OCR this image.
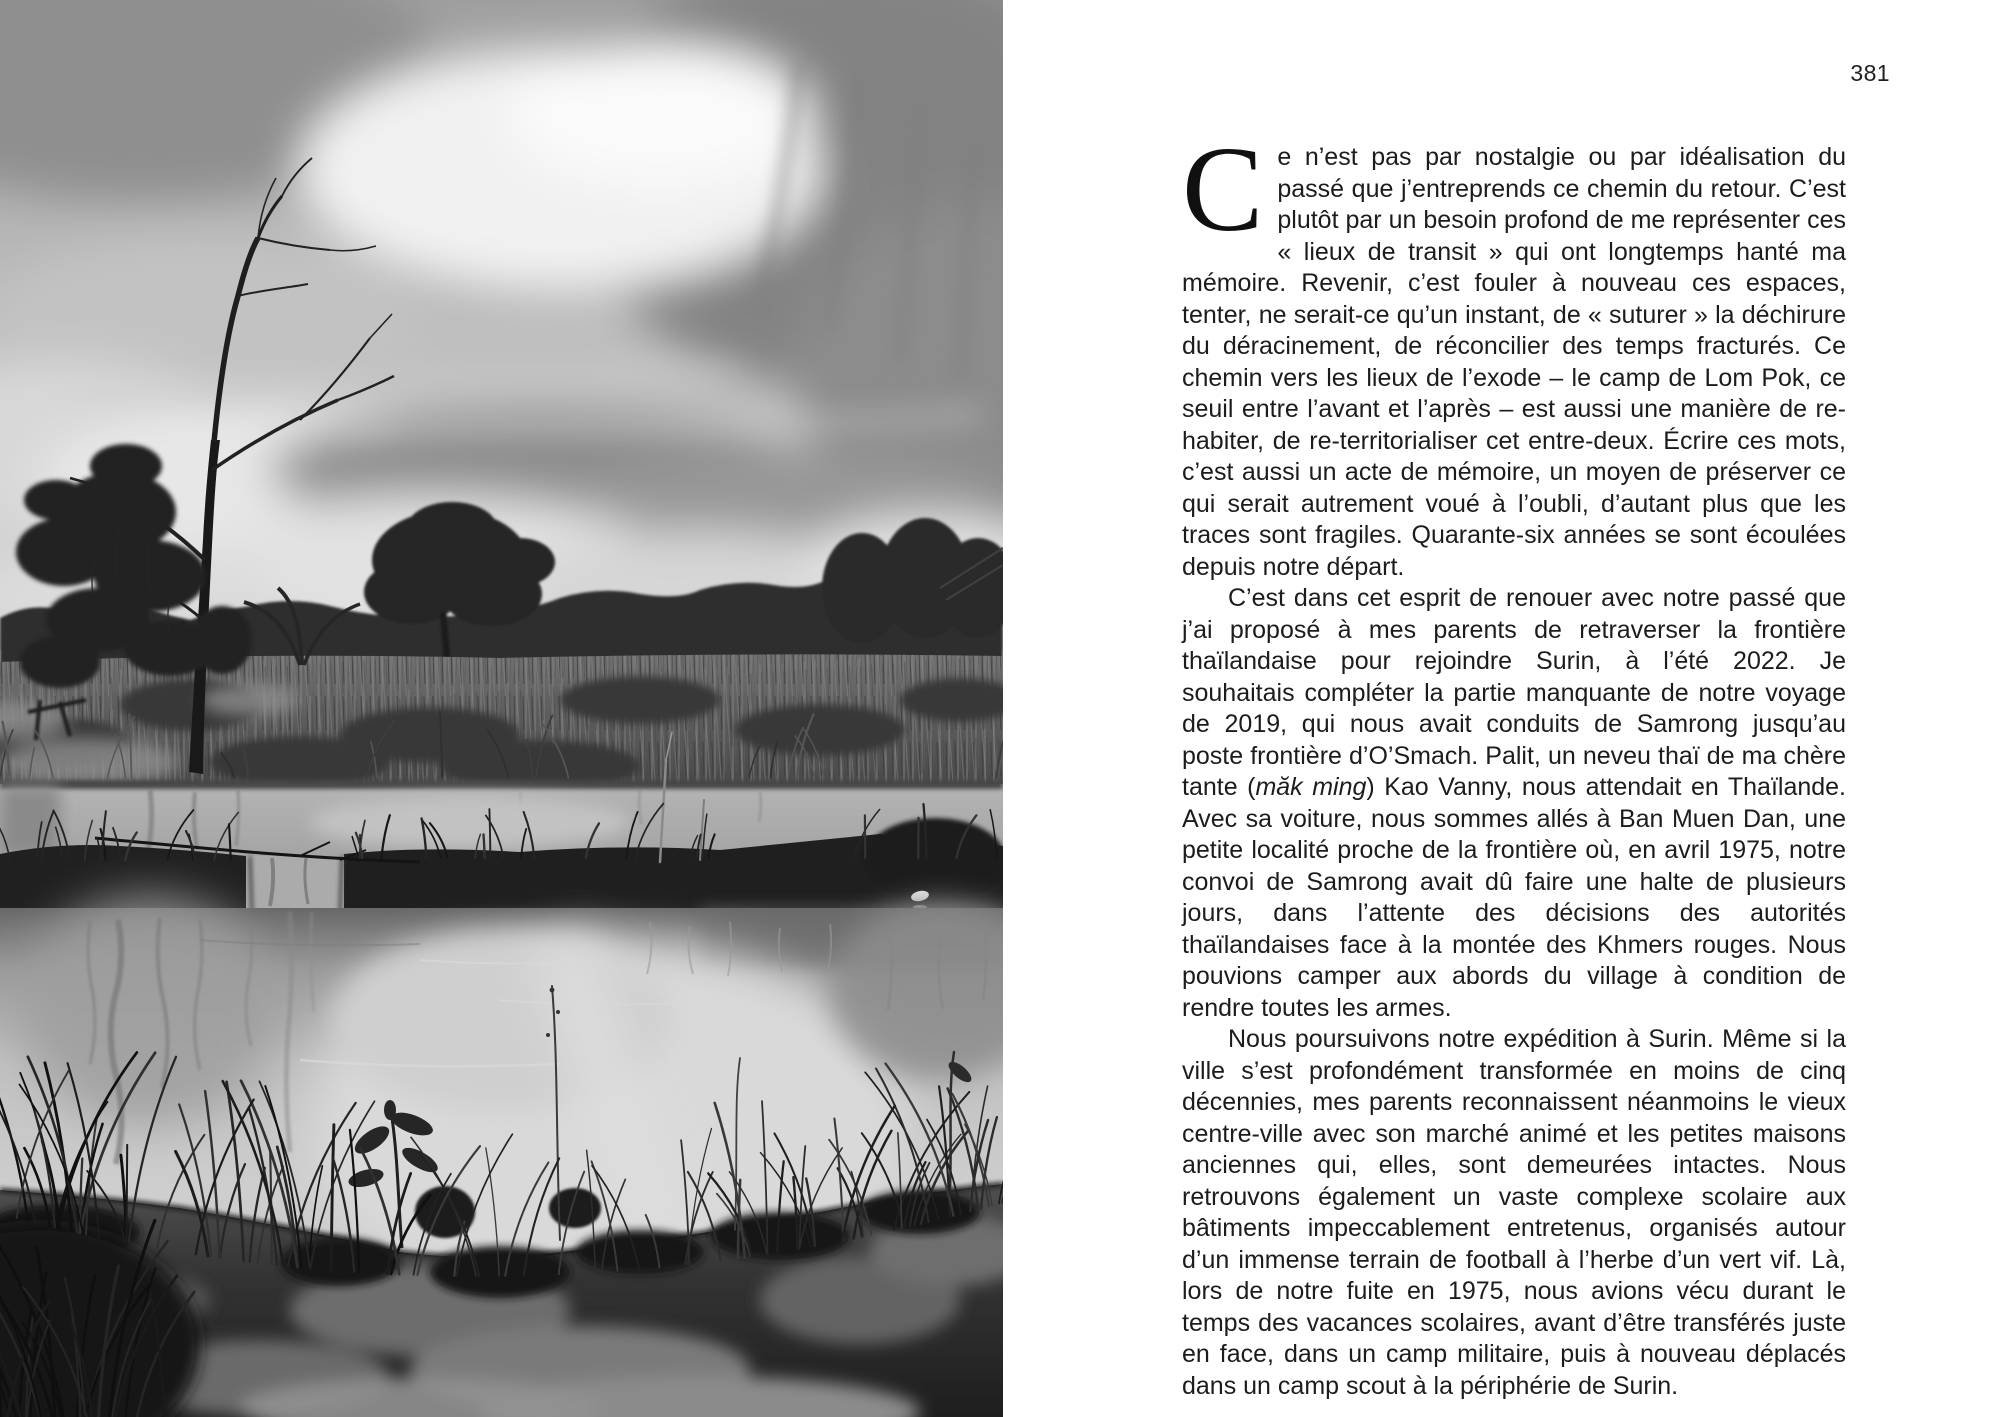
381

Ce n’est pas par nostalgie ou par idéalisation du passé que j’entreprends ce chemin du retour. C’est plutôt par un besoin profond de me représenter ces « lieux de transit » qui ont longtemps hanté ma mémoire. Revenir, c’est fouler à nouveau ces espaces, tenter, ne serait-ce qu’un instant, de « suturer » la déchirure du déracinement, de réconcilier des temps fracturés. Ce chemin vers les lieux de l’exode – le camp de Lom Pok, ce seuil entre l’avant et l’après – est aussi une manière de re-habiter, de re-territorialiser cet entre-deux. Écrire ces mots, c’est aussi un acte de mémoire, un moyen de préserver ce qui serait autrement voué à l’oubli, d’autant plus que les traces sont fragiles. Quarante-six années se sont écoulées depuis notre départ.

C’est dans cet esprit de renouer avec notre passé que j’ai proposé à mes parents de retraverser la frontière thaïlandaise pour rejoindre Surin, à l’été 2022. Je souhaitais compléter la partie manquante de notre voyage de 2019, qui nous avait conduits de Samrong jusqu’au poste frontière d’O’Smach. Palit, un neveu thaï de ma chère tante (măk ming) Kao Vanny, nous attendait en Thaïlande. Avec sa voiture, nous sommes allés à Ban Muen Dan, une petite localité proche de la frontière où, en avril 1975, notre convoi de Samrong avait dû faire une halte de plusieurs jours, dans l’attente des décisions des autorités thaïlandaises face à la montée des Khmers rouges. Nous pouvions camper aux abords du village à condition de rendre toutes les armes.

Nous poursuivons notre expédition à Surin. Même si la ville s’est profondément transformée en moins de cinq décennies, mes parents reconnaissent néanmoins le vieux centre-ville avec son marché animé et les petites maisons anciennes qui, elles, sont demeurées intactes. Nous retrouvons également un vaste complexe scolaire aux bâtiments impeccablement entretenus, organisés autour d’un immense terrain de football à l’herbe d’un vert vif. Là, lors de notre fuite en 1975, nous avions vécu durant le temps des vacances scolaires, avant d’être transférés juste en face, dans un camp militaire, puis à nouveau déplacés dans un camp scout à la périphérie de Surin.
